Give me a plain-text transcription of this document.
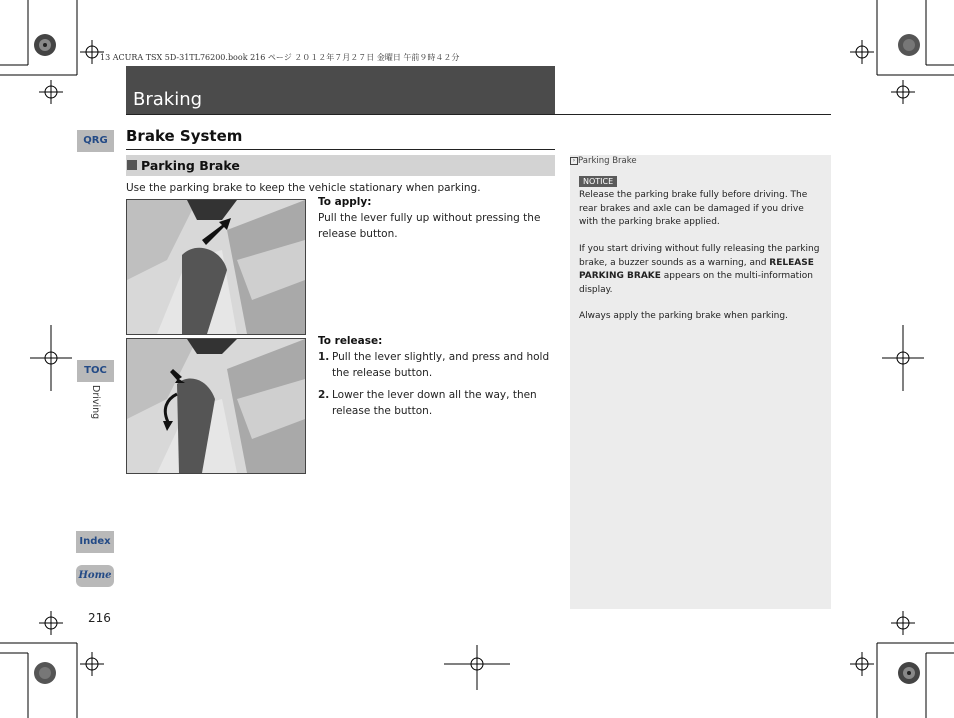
13 ACURA TSX 5D-31TL76200.book 216 ページ ２０１２年７月２７日 金曜日 午前９時４２分
Braking
QRG
TOC
Driving
Index
Home
Brake System
Parking Brake
Use the parking brake to keep the vehicle stationary when parking.
To apply:
Pull the lever fully up without pressing the release button.
To release:
1. Pull the lever slightly, and press and hold the release button.
2. Lower the lever down all the way, then release the button.
› Parking Brake
NOTICE
Release the parking brake fully before driving. The rear brakes and axle can be damaged if you drive with the parking brake applied.
If you start driving without fully releasing the parking brake, a buzzer sounds as a warning, and RELEASE PARKING BRAKE appears on the multi-information display.
Always apply the parking brake when parking.
216
